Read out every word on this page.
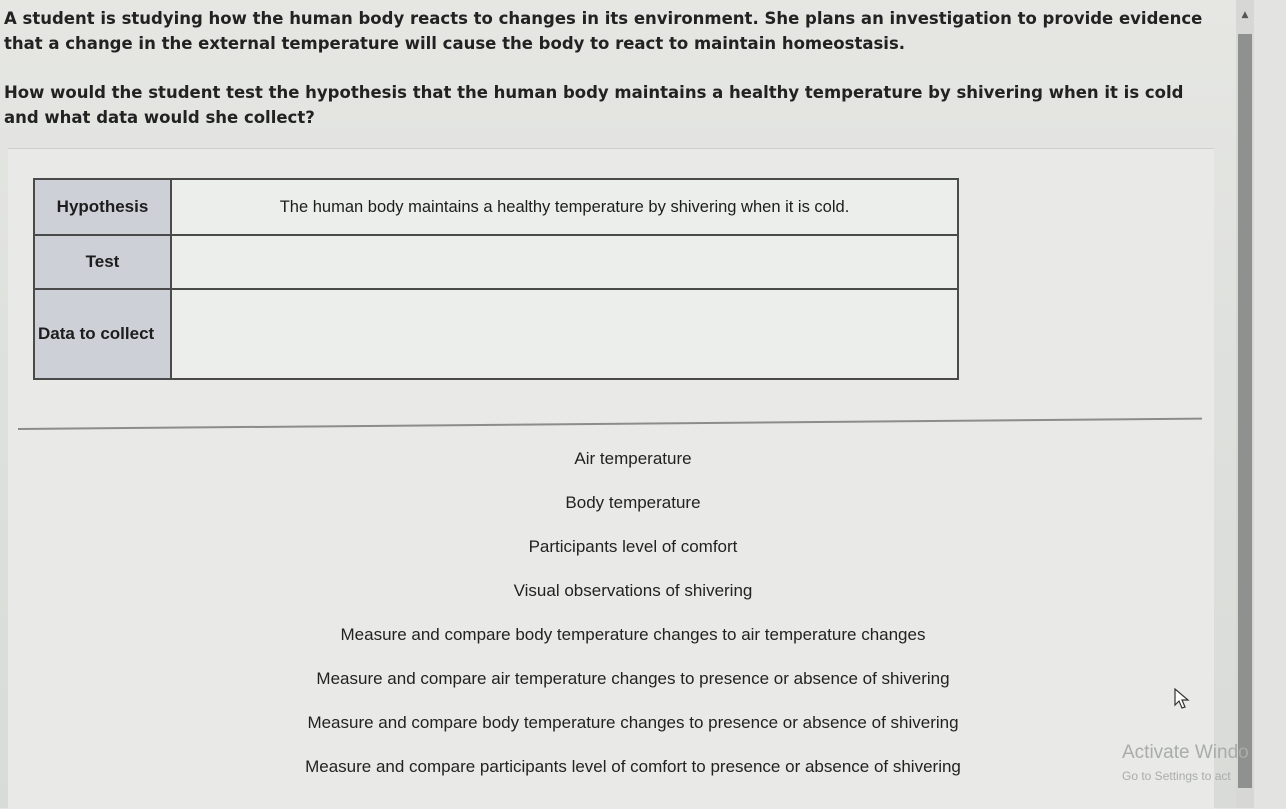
A student is studying how the human body reacts to changes in its environment. She plans an investigation to provide evidence that a change in the external temperature will cause the body to react to maintain homeostasis.
How would the student test the hypothesis that the human body maintains a healthy temperature by shivering when it is cold and what data would she collect?
Hypothesis	The human body maintains a healthy temperature by shivering when it is cold.
Test	
Data to collect	
Air temperature
Body temperature
Participants level of comfort
Visual observations of shivering
Measure and compare body temperature changes to air temperature changes
Measure and compare air temperature changes to presence or absence of shivering
Measure and compare body temperature changes to presence or absence of shivering
Measure and compare participants level of comfort to presence or absence of shivering
▲
Activate Windo
Go to Settings to act
